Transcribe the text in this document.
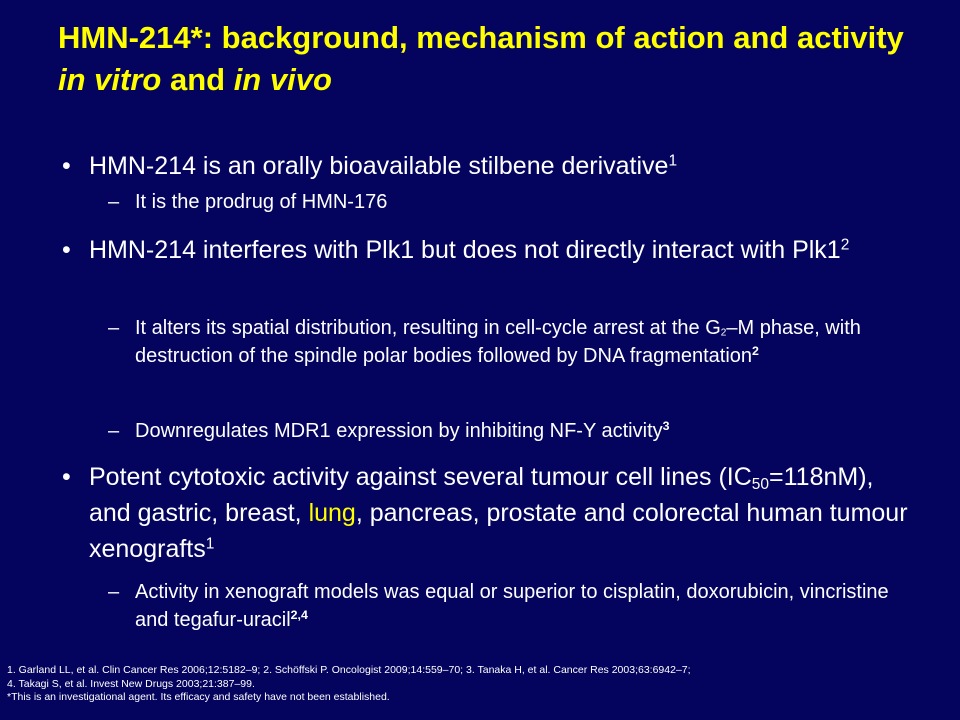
HMN-214*: background, mechanism of action and activity in vitro and in vivo
• HMN-214 is an orally bioavailable stilbene derivative$^1$
– It is the prodrug of HMN-176
• HMN-214 interferes with Plk1 but does not directly interact with Plk1$^2$
– It alters its spatial distribution, resulting in cell-cycle arrest at the $G_2-M$ phase, with destruction of the spindle polar bodies followed by DNA fragmentation$^2$
– Downregulates MDR1 expression by inhibiting NF-Y activity$^3$
• Potent cytotoxic activity against several tumour cell lines $(IC_{50}=118nM)$, and gastric, breast, lung, pancreas, prostate and colorectal human tumour xenografts$^1$
– Activity in xenograft models was equal or superior to cisplatin, doxorubicin, vincristine and tegafur-uracil$^{2,4}$
1. Garland LL, et al. Clin Cancer Res 2006;12:5182–9; 2. Schöffski P. Oncologist 2009;14:559–70; 3. Tanaka H, et al. Cancer Res 2003;63:6942–7;
4. Takagi S, et al. Invest New Drugs 2003;21:387–99.
*This is an investigational agent. Its efficacy and safety have not been established.
